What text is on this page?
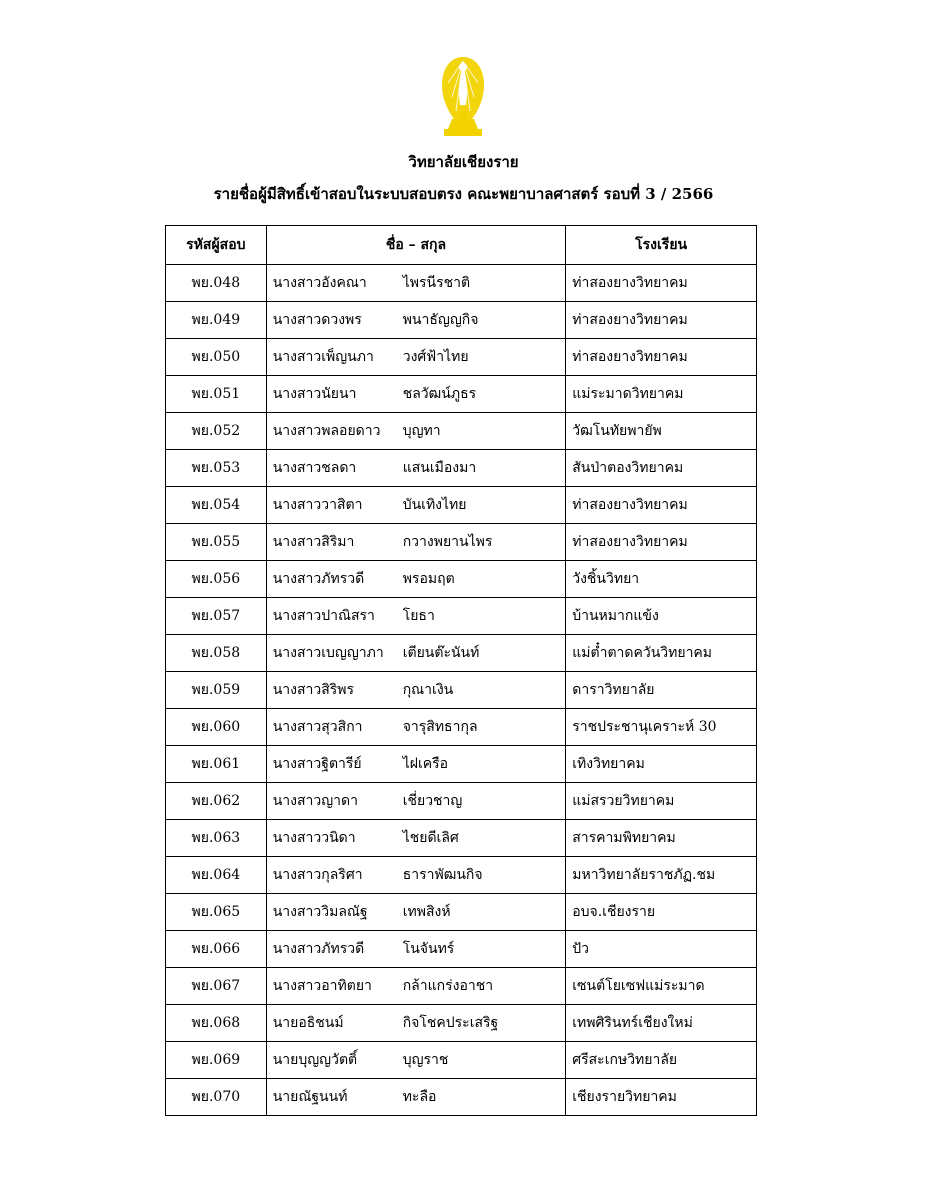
วิทยาลัยเชียงราย
รายชื่อผู้มีสิทธิ์เข้าสอบในระบบสอบตรง คณะพยาบาลศาสตร์ รอบที่ 3 / 2566
รหัสผู้สอบ	ชื่อ – สกุล	โรงเรียน
พย.048	นางสาวอังคณา ไพรนีรชาติ	ท่าสองยางวิทยาคม
พย.049	นางสาวดวงพร พนาธัญญกิจ	ท่าสองยางวิทยาคม
พย.050	นางสาวเพ็ญนภา วงศ์ฟ้าไทย	ท่าสองยางวิทยาคม
พย.051	นางสาวนัยนา ชลวัฒน์ภูธร	แม่ระมาดวิทยาคม
พย.052	นางสาวพลอยดาว บุญทา	วัฒโนทัยพายัพ
พย.053	นางสาวชลดา แสนเมืองมา	สันป่าตองวิทยาคม
พย.054	นางสาววาสิตา บันเทิงไทย	ท่าสองยางวิทยาคม
พย.055	นางสาวสิริมา กวางพยานไพร	ท่าสองยางวิทยาคม
พย.056	นางสาวภัทรวดี พรอมฤต	วังชิ้นวิทยา
พย.057	นางสาวปาณิสรา โยธา	บ้านหมากแข้ง
พย.058	นางสาวเบญญาภา เตียนต๊ะนันท์	แม่ต๋ำตาดควันวิทยาคม
พย.059	นางสาวสิริพร กุณาเงิน	ดาราวิทยาลัย
พย.060	นางสาวสุวสิกา จารุสิทธากุล	ราชประชานุเคราะห์ 30
พย.061	นางสาวฐิตารีย์ ไฝเครือ	เทิงวิทยาคม
พย.062	นางสาวญาดา เชี่ยวชาญ	แม่สรวยวิทยาคม
พย.063	นางสาววนิดา ไชยดีเลิศ	สารคามพิทยาคม
พย.064	นางสาวกุลริศา ธาราพัฒนกิจ	มหาวิทยาลัยราชภัฏ.ชม
พย.065	นางสาววิมลณัฐ เทพสิงห์	อบจ.เชียงราย
พย.066	นางสาวภัทรวดี โนจันทร์	ปัว
พย.067	นางสาวอาทิตยา กล้าแกร่งอาชา	เซนต์โยเซฟแม่ระมาด
พย.068	นายอธิชนม์ กิจโชคประเสริฐ	เทพศิรินทร์เชียงใหม่
พย.069	นายบุญญวัตติ์ บุญราช	ศรีสะเกษวิทยาลัย
พย.070	นายณัฐนนท์ ทะลือ	เชียงรายวิทยาคม
